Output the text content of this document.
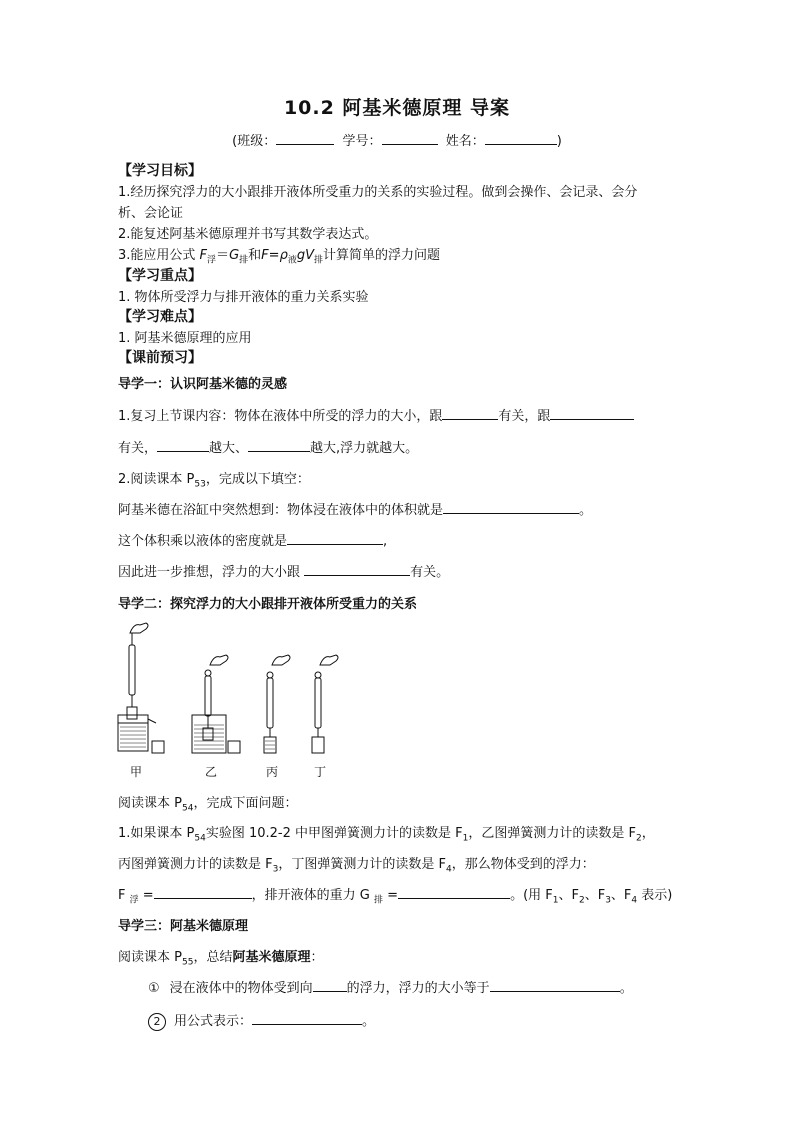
10.2 阿基米德原理 导案
(班级：	学号：	姓名：	)
【学习目标】
1.经历探究浮力的大小跟排开液体所受重力的关系的实验过程。做到会操作、会记录、会分
析、会论证
2.能复述阿基米德原理并书写其数学表达式。
3.能应用公式 $F_浮=G_排$和$F=\rho_液gV_排$计算简单的浮力问题
【学习重点】
1. 物体所受浮力与排开液体的重力关系实验
【学习难点】
1. 阿基米德原理的应用
【课前预习】
导学一：认识阿基米德的灵感
1.复习上节课内容：物体在液体中所受的浮力的大小，跟	有关，跟
有关，	越大、	越大,浮力就越大。
2.阅读课本 $P_{53}$，完成以下填空：
阿基米德在浴缸中突然想到：物体浸在液体中的体积就是	。
这个体积乘以液体的密度就是	,
因此进一步推想，浮力的大小跟	有关。
导学二：探究浮力的大小跟排开液体所受重力的关系
甲	乙	丙	丁
阅读课本 $P_{54}$，完成下面问题：
1.如果课本 $P_{54}$实验图 10.2-2 中甲图弹簧测力计的读数是 $F_1$，乙图弹簧测力计的读数是 $F_2$，
丙图弹簧测力计的读数是 $F_3$，丁图弹簧测力计的读数是 $F_4$，那么物体受到的浮力：
F $_浮$ =	，排开液体的重力 G $_排$ =	。(用 $F_1$、$F_2$、$F_3$、$F_4$ 表示)
导学三：阿基米德原理
阅读课本 $P_{55}$，总结阿基米德原理：
① 浸在液体中的物体受到向	的浮力，浮力的大小等于	。
2 用公式表示：	。
